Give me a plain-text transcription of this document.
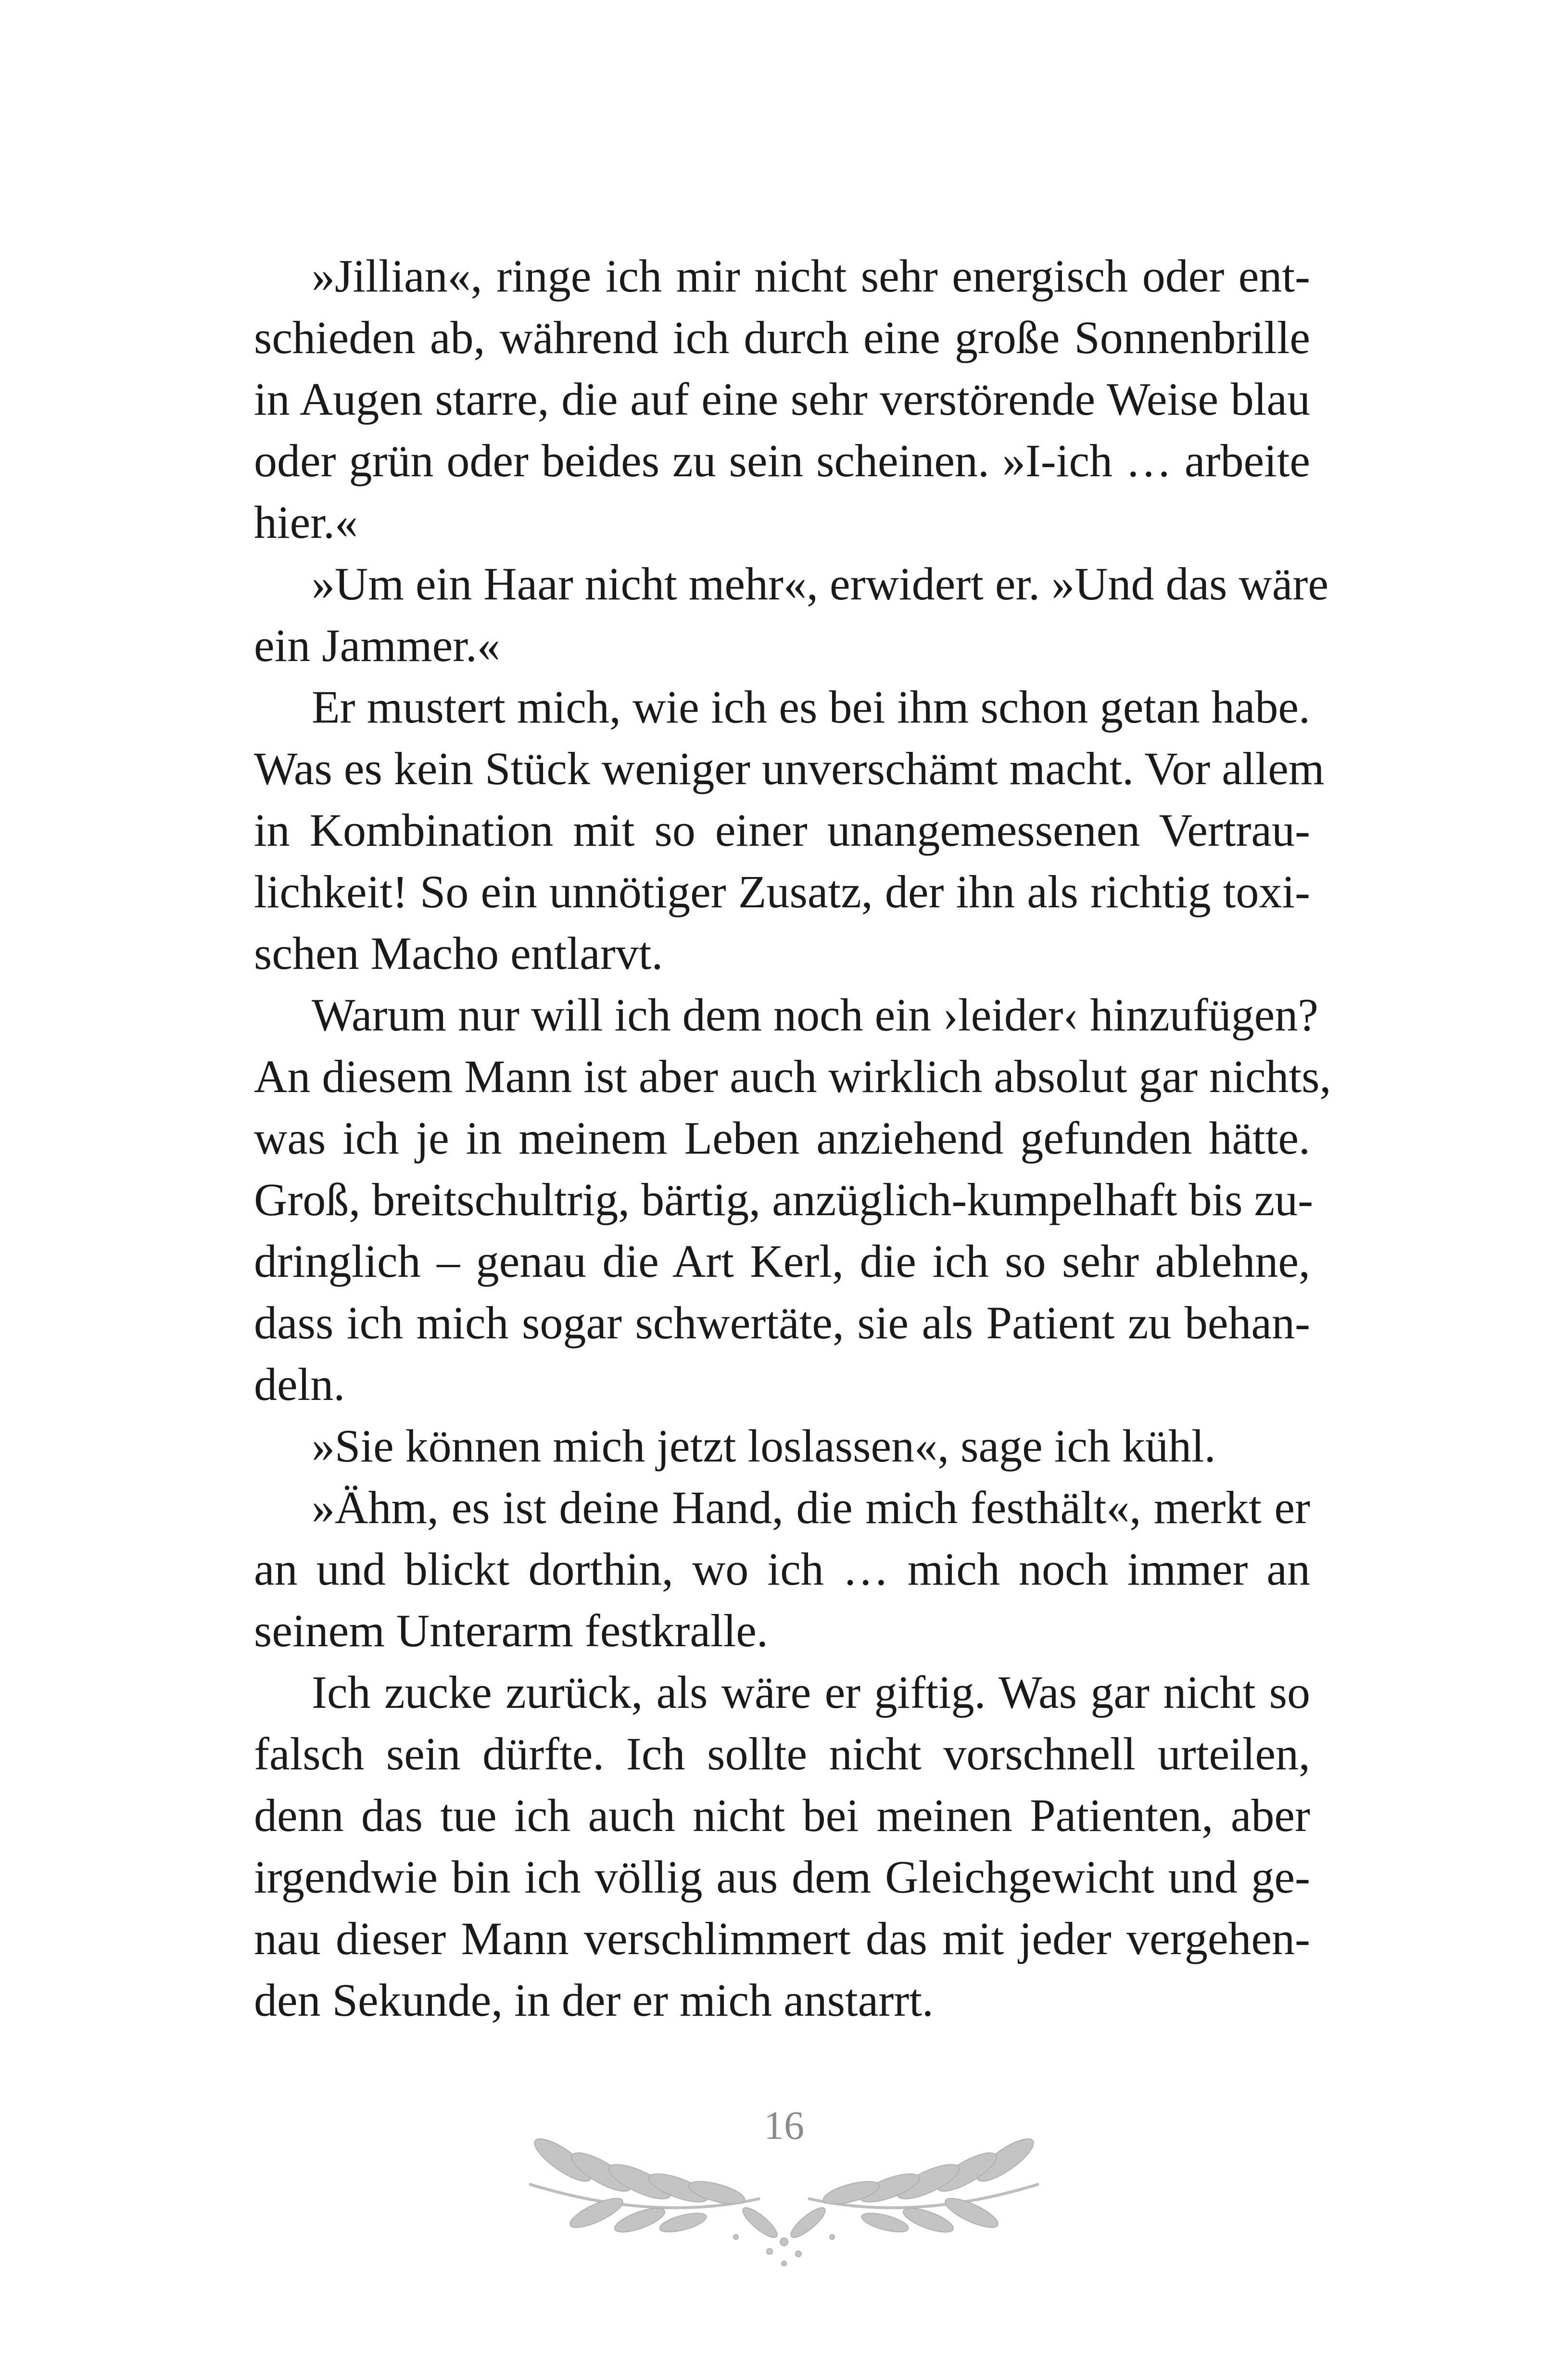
»Jillian«, ringe ich mir nicht sehr energisch oder ent-
schieden ab, während ich durch eine große Sonnenbrille
in Augen starre, die auf eine sehr verstörende Weise blau
oder grün oder beides zu sein scheinen. »I-ich … arbeite
hier.«
»Um ein Haar nicht mehr«, erwidert er. »Und das wäre
ein Jammer.«
Er mustert mich, wie ich es bei ihm schon getan habe.
Was es kein Stück weniger unverschämt macht. Vor allem
in Kombination mit so einer unangemessenen Vertrau-
lichkeit! So ein unnötiger Zusatz, der ihn als richtig toxi-
schen Macho entlarvt.
Warum nur will ich dem noch ein ›leider‹ hinzufügen?
An diesem Mann ist aber auch wirklich absolut gar nichts,
was ich je in meinem Leben anziehend gefunden hätte.
Groß, breitschultrig, bärtig, anzüglich-kumpelhaft bis zu-
dringlich – genau die Art Kerl, die ich so sehr ablehne,
dass ich mich sogar schwertäte, sie als Patient zu behan-
deln.
»Sie können mich jetzt loslassen«, sage ich kühl.
»Ähm, es ist deine Hand, die mich festhält«, merkt er
an und blickt dorthin, wo ich … mich noch immer an
seinem Unterarm festkralle.
Ich zucke zurück, als wäre er giftig. Was gar nicht so
falsch sein dürfte. Ich sollte nicht vorschnell urteilen,
denn das tue ich auch nicht bei meinen Patienten, aber
irgendwie bin ich völlig aus dem Gleichgewicht und ge-
nau dieser Mann verschlimmert das mit jeder vergehen-
den Sekunde, in der er mich anstarrt.
16
